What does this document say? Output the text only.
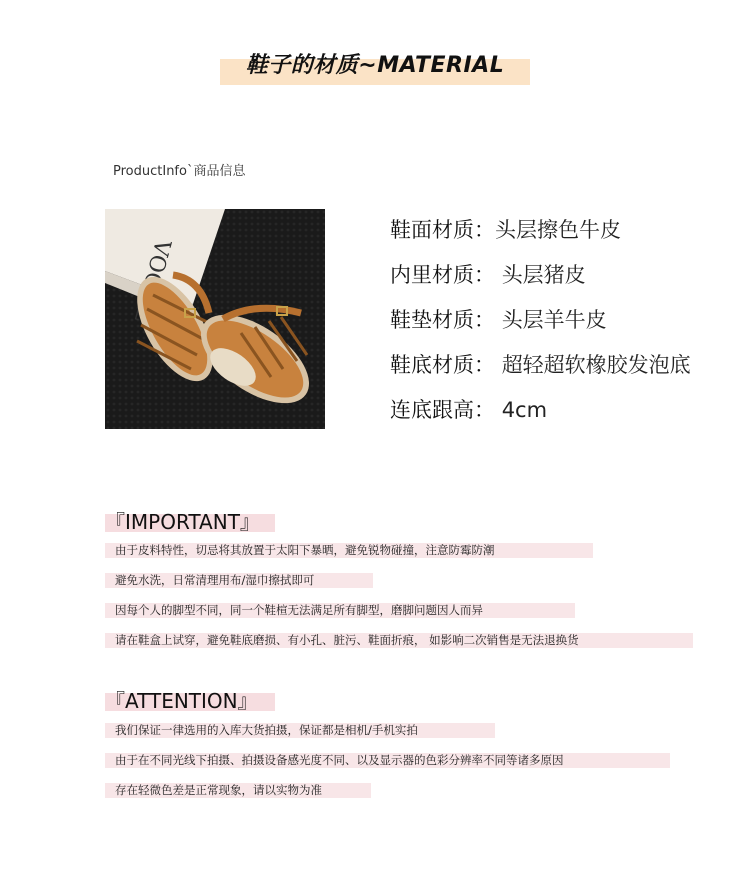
鞋子的材质~MATERIAL
ProductInfo`商品信息
鞋面材质：头层擦色牛皮
内里材质： 头层猪皮
鞋垫材质： 头层羊牛皮
鞋底材质： 超轻超软橡胶发泡底
连底跟高： 4cm
『IMPORTANT』
由于皮料特性，切忌将其放置于太阳下暴晒，避免锐物碰撞，注意防霉防潮
避免水洗，日常清理用布/湿巾擦拭即可
因每个人的脚型不同，同一个鞋楦无法满足所有脚型，磨脚问题因人而异
请在鞋盒上试穿，避免鞋底磨损、有小孔、脏污、鞋面折痕， 如影响二次销售是无法退换货
『ATTENTION』
我们保证一律选用的入库大货拍摄，保证都是相机/手机实拍
由于在不同光线下拍摄、拍摄设备感光度不同、以及显示器的色彩分辨率不同等诸多原因
存在轻微色差是正常现象，请以实物为准
